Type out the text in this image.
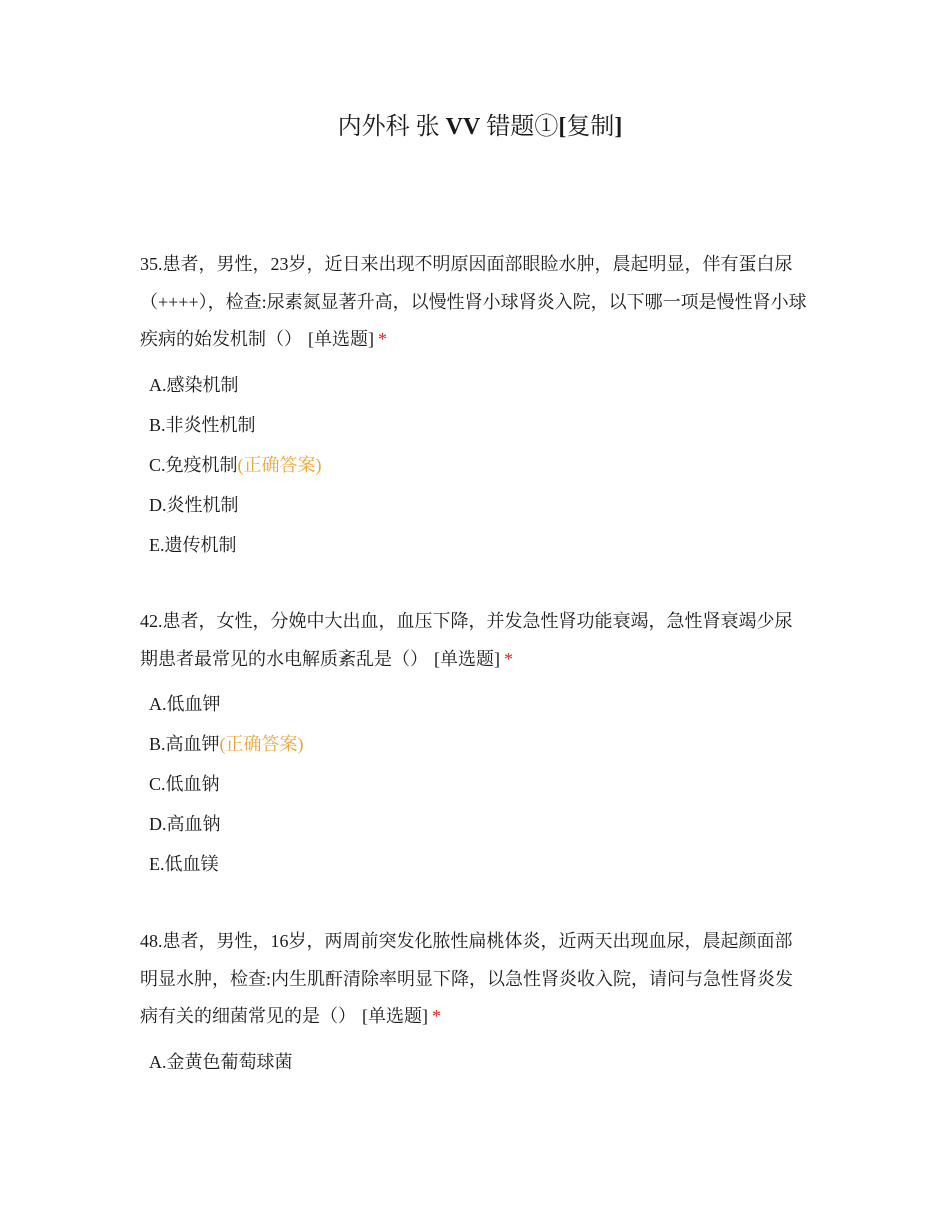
内外科 张 VV 错题①[复制]

35.患者，男性，23岁，近日来出现不明原因面部眼睑水肿，晨起明显，伴有蛋白尿（++++），检查:尿素氮显著升高，以慢性肾小球肾炎入院，以下哪一项是慢性肾小球疾病的始发机制（） [单选题] *

A.感染机制
B.非炎性机制
C.免疫机制(正确答案)
D.炎性机制
E.遗传机制

42.患者，女性，分娩中大出血，血压下降，并发急性肾功能衰竭，急性肾衰竭少尿期患者最常见的水电解质紊乱是（） [单选题] *

A.低血钾
B.高血钾(正确答案)
C.低血钠
D.高血钠
E.低血镁

48.患者，男性，16岁，两周前突发化脓性扁桃体炎，近两天出现血尿，晨起颜面部明显水肿，检查:内生肌酐清除率明显下降，以急性肾炎收入院，请问与急性肾炎发病有关的细菌常见的是（） [单选题] *

A.金黄色葡萄球菌
